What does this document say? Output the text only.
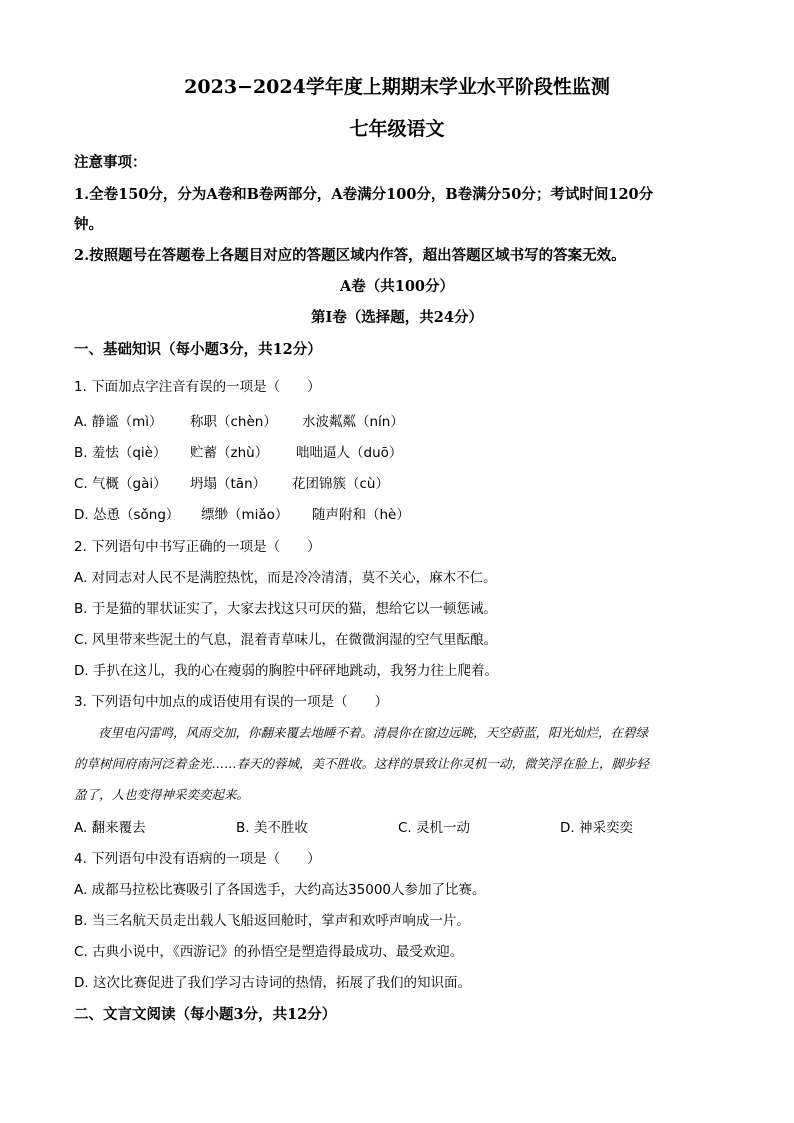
2023−2024学年度上期期末学业水平阶段性监测
七年级语文
注意事项：
1.全卷150分，分为A卷和B卷两部分，A卷满分100分，B卷满分50分；考试时间120分
钟。
2.按照题号在答题卷上各题目对应的答题区域内作答，超出答题区域书写的答案无效。
A卷（共100分）
第Ⅰ卷（选择题，共24分）
一、基础知识（每小题3分，共12分）
1. 下面加点字注音有误的一项是（　　）
A. 静谧（mì） 称职（chèn） 水波粼粼（nín）
B. 羞怯（qiè） 贮蓄（zhù） 咄咄逼人（duō）
C. 气概（gài） 坍塌（tān） 花团锦簇（cù）
D. 怂恿（sǒng） 缥缈（miǎo） 随声附和（hè）
2. 下列语句中书写正确的一项是（　　）
A. 对同志对人民不是满腔热忱，而是冷冷清清，莫不关心，麻木不仁。
B. 于是猫的罪状证实了，大家去找这只可厌的猫，想给它以一顿惩诫。
C. 风里带来些泥土的气息，混着青草味儿，在微微润湿的空气里酝酿。
D. 手扒在这儿，我的心在瘦弱的胸腔中砰砰地跳动，我努力往上爬着。
3. 下列语句中加点的成语使用有误的一项是（　　）
夜里电闪雷鸣，风雨交加，你翻来覆去地睡不着。清晨你在窗边远眺，天空蔚蓝，阳光灿烂，在碧绿
的草树间府南河泛着金光……春天的蓉城，美不胜收。这样的景致让你灵机一动，微笑浮在脸上，脚步轻
盈了，人也变得神采奕奕起来。
A. 翻来覆去	B. 美不胜收	C. 灵机一动	D. 神采奕奕
4. 下列语句中没有语病的一项是（　　）
A. 成都马拉松比赛吸引了各国选手，大约高达35000人参加了比赛。
B. 当三名航天员走出载人飞船返回舱时，掌声和欢呼声响成一片。
C. 古典小说中，《西游记》的孙悟空是塑造得最成功、最受欢迎。
D. 这次比赛促进了我们学习古诗词的热情，拓展了我们的知识面。
二、文言文阅读（每小题3分，共12分）
